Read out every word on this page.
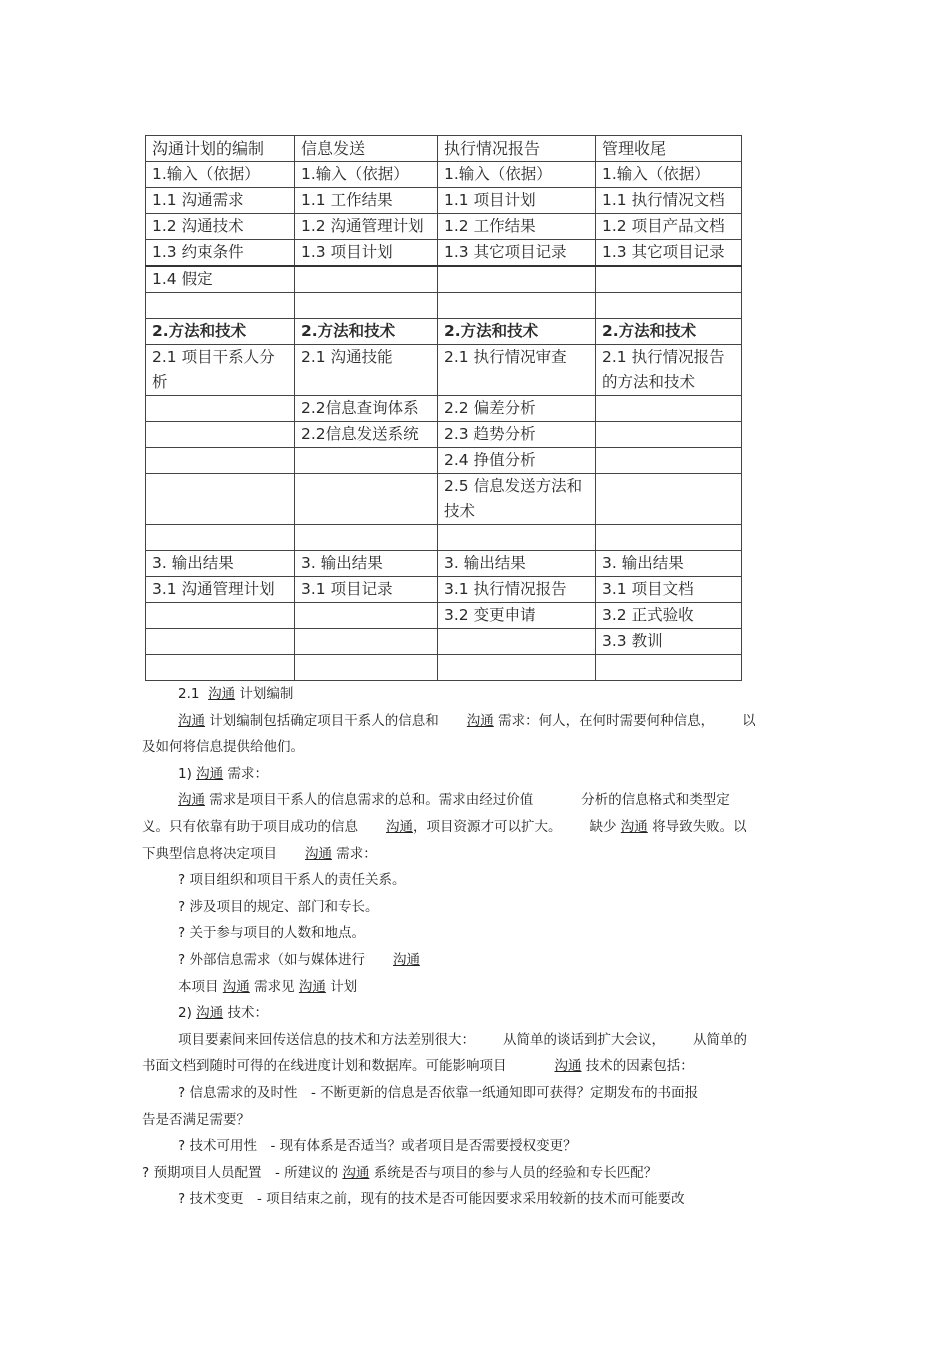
沟通计划的编制	信息发送	执行情况报告	管理收尾
1.输入（依据）	1.输入（依据）	1.输入（依据）	1.输入（依据）
1.1 沟通需求	1.1 工作结果	1.1 项目计划	1.1 执行情况文档
1.2 沟通技术	1.2 沟通管理计划	1.2 工作结果	1.2 项目产品文档
1.3 约束条件	1.3 项目计划	1.3 其它项目记录	1.3 其它项目记录
1.4 假定			

2.方法和技术	2.方法和技术	2.方法和技术	2.方法和技术
2.1 项目干系人分析	2.1 沟通技能	2.1 执行情况审查	2.1 执行情况报告的方法和技术
	2.2信息查询体系	2.2 偏差分析	
	2.2信息发送系统	2.3 趋势分析	
		2.4 挣值分析	
		2.5 信息发送方法和技术	

3. 输出结果	3. 输出结果	3. 输出结果	3. 输出结果
3.1 沟通管理计划	3.1 项目记录	3.1 执行情况报告	3.1 项目文档
		3.2 变更申请	3.2 正式验收
			3.3 教训

2.1 沟通 计划编制

沟通 计划编制包括确定项目干系人的信息和 沟通 需求：何人，在何时需要何种信息， 以

及如何将信息提供给他们。

1) 沟通 需求：

沟通 需求是项目干系人的信息需求的总和。需求由经过价值	分析的信息格式和类型定

义。只有依靠有助于项目成功的信息 沟通，项目资源才可以扩大。 缺少 沟通 将导致失败。以

下典型信息将决定项目 沟通 需求：

? 项目组织和项目干系人的责任关系。

? 涉及项目的规定、部门和专长。

? 关于参与项目的人数和地点。

? 外部信息需求（如与媒体进行 沟通

本项目 沟通 需求见 沟通 计划

2) 沟通 技术：

项目要素间来回传送信息的技术和方法差别很大： 从简单的谈话到扩大会议， 从简单的

书面文档到随时可得的在线进度计划和数据库。可能影响项目	沟通 技术的因素包括：

? 信息需求的及时性　- 不断更新的信息是否依靠一纸通知即可获得？定期发布的书面报

告是否满足需要？

? 技术可用性　- 现有体系是否适当？或者项目是否需要授权变更？

? 预期项目人员配置　- 所建议的 沟通 系统是否与项目的参与人员的经验和专长匹配？

? 技术变更　- 项目结束之前，现有的技术是否可能因要求采用较新的技术而可能要改
